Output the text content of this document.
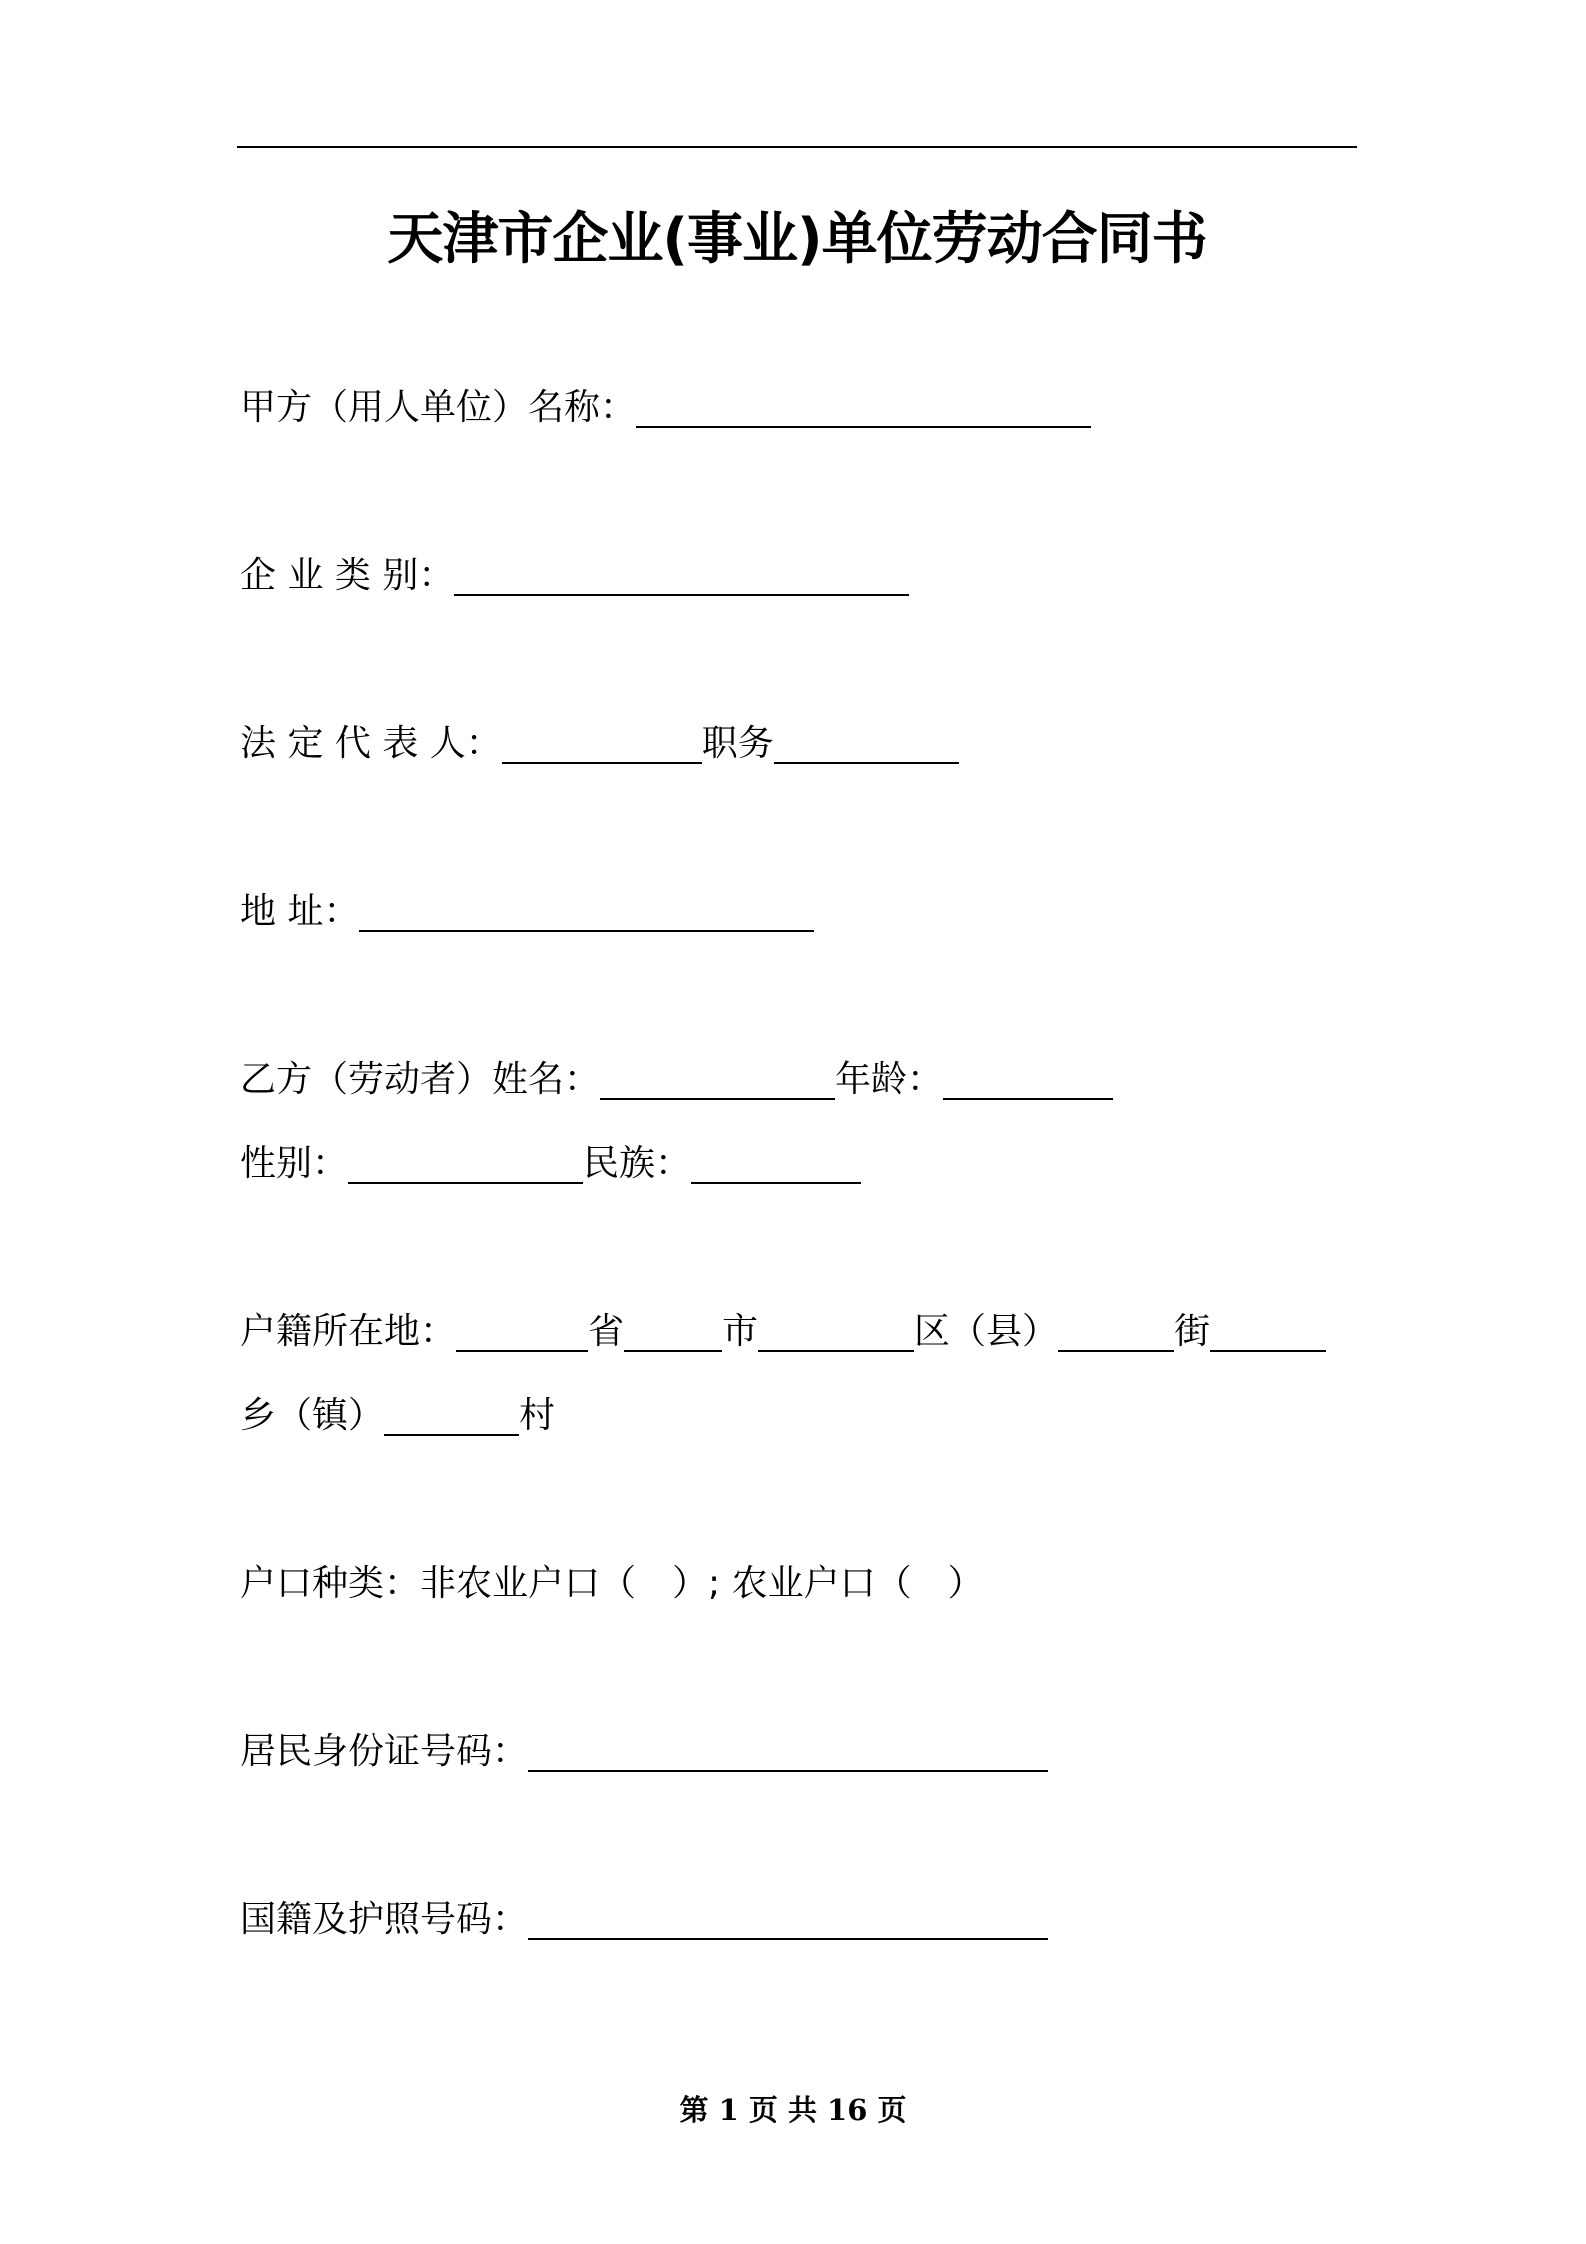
天津市企业(事业)单位劳动合同书
甲方（用人单位）名称：
企 业 类 别：
法 定 代 表 人：	职务
地 址：
乙方（劳动者）姓名：	年龄：
性别：	民族：
户籍所在地：	省	市	区（县）	街
乡（镇）	村
户口种类：非农业户口（　）; 农业户口（　）
居民身份证号码：
国籍及护照号码：
第 1 页 共 16 页
